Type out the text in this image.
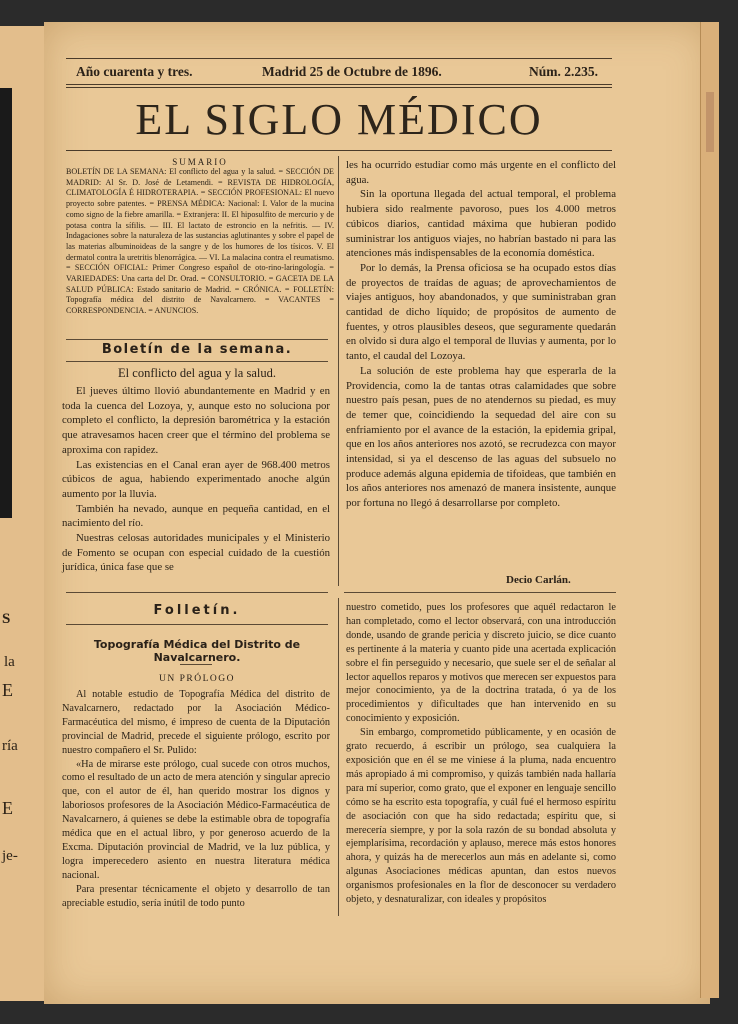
S
la
E
ría
E
je-
Año cuarenta y tres.	Madrid 25 de Octubre de 1896.	Núm. 2.235.
EL SIGLO MÉDICO
SUMARIO

BOLETÍN DE LA SEMANA: El conflicto del agua y la salud. = SECCIÓN DE MADRID: Al Sr. D. José de Letamendi. = REVISTA DE HIDROLOGÍA, CLIMATOLOGÍA É HIDROTERAPIA. = SECCIÓN PROFESIONAL: El nuevo proyecto sobre patentes. = PRENSA MÉDICA: Nacional: I. Valor de la mucina como signo de la fiebre amarilla. = Extranjera: II. El hiposulfito de mercurio y de potasa contra la sífilis. — III. El lactato de estroncio en la nefritis. — IV. Indagaciones sobre la naturaleza de las sustancias aglutinantes y sobre el papel de las materias albuminoideas de la sangre y de los humores de los tísicos. V. El dermatol contra la uretritis blenorrágica. — VI. La malacina contra el reumatismo. = SECCIÓN OFICIAL: Primer Congreso español de oto-rino-laringología. = VARIEDADES: Una carta del Dr. Orad. = CONSULTORIO. = GACETA DE LA SALUD PÚBLICA: Estado sanitario de Madrid. = CRÓNICA. = FOLLETÍN: Topografía médica del distrito de Navalcarnero. = VACANTES = CORRESPONDENCIA. = ANUNCIOS.

Boletín de la semana.
El conflicto del agua y la salud.

El jueves último llovió abundantemente en Madrid y en toda la cuenca del Lozoya, y, aunque esto no soluciona por completo el conflicto, la depresión barométrica y la estación que atravesamos hacen creer que el término del problema se aproxima con rapidez.

Las existencias en el Canal eran ayer de 968.400 metros cúbicos de agua, habiendo experimentado anoche algún aumento por la lluvia.

También ha nevado, aunque en pequeña cantidad, en el nacimiento del río.

Nuestras celosas autoridades municipales y el Ministerio de Fomento se ocupan con especial cuidado de la cuestión jurídica, única fase que se

les ha ocurrido estudiar como más urgente en el conflicto del agua.

Sin la oportuna llegada del actual temporal, el problema hubiera sido realmente pavoroso, pues los 4.000 metros cúbicos diarios, cantidad máxima que hubieran podido suministrar los antiguos viajes, no habrían bastado ni para las atenciones más indispensables de la economía doméstica.

Por lo demás, la Prensa oficiosa se ha ocupado estos días de proyectos de traídas de aguas; de aprovechamientos de viajes antiguos, hoy abandonados, y que suministraban gran cantidad de dicho líquido; de propósitos de aumento de fuentes, y otros plausibles deseos, que seguramente quedarán en olvido si dura algo el temporal de lluvias y aumenta, por lo tanto, el caudal del Lozoya.

La solución de este problema hay que esperarla de la Providencia, como la de tantas otras calamidades que sobre nuestro país pesan, pues de no atendernos su piedad, es muy de temer que, coincidiendo la sequedad del aire con su enfriamiento por el avance de la estación, la epidemia gripal, que en los años anteriores nos azotó, se recrudezca con mayor intensidad, si ya el descenso de las aguas del subsuelo no produce además alguna epidemia de tifoideas, que también en los años anteriores nos amenazó de manera insistente, aunque por fortuna no llegó á desarrollarse por completo.

Decio Carlán.
Folletín.
Topografía Médica del Distrito de Navalcarnero.
UN PRÓLOGO

Al notable estudio de Topografía Médica del distrito de Navalcarnero, redactado por la Asociación Médico-Farmacéutica del mismo, é impreso de cuenta de la Diputación provincial de Madrid, precede el siguiente prólogo, escrito por nuestro compañero el Sr. Pulido:

«Ha de mirarse este prólogo, cual sucede con otros muchos, como el resultado de un acto de mera atención y singular aprecio que, con el autor de él, han querido mostrar los dignos y laboriosos profesores de la Asociación Médico-Farmacéutica de Navalcarnero, á quienes se debe la estimable obra de topografía médica que en el actual libro, y por generoso acuerdo de la Excma. Diputación provincial de Madrid, ve la luz pública, y logra imperecedero asiento en nuestra literatura médica nacional.

Para presentar técnicamente el objeto y desarrollo de tan apreciable estudio, sería inútil de todo punto

nuestro cometido, pues los profesores que aquél redactaron le han completado, como el lector observará, con una introducción donde, usando de grande pericia y discreto juicio, se dice cuanto es pertinente á la materia y cuanto pide una acertada explicación sobre el fin perseguido y necesario, que suele ser el de señalar al lector aquellos reparos y motivos que merecen ser expuestos para mejor conocimiento, ya de la doctrina tratada, ó ya de los procedimientos y dificultades que han intervenido en su conocimiento y exposición.

Sin embargo, comprometido públicamente, y en ocasión de grato recuerdo, á escribir un prólogo, sea cualquiera la exposición que en él se me viniese á la pluma, nada encuentro más apropiado á mi compromiso, y quizás también nada hallaría para mí superior, como grato, que el exponer en lenguaje sencillo cómo se ha escrito esta topografía, y cuál fué el hermoso espíritu de asociación con que ha sido redactada; espíritu que, si merecería siempre, y por la sola razón de su bondad absoluta y ejemplarísima, recordación y aplauso, merece más estos honores ahora, y quizás ha de merecerlos aun más en adelante si, como algunas Asociaciones médicas apuntan, dan estos nuevos organismos profesionales en la flor de desconocer su verdadero objeto, y desnaturalizar, con ideales y propósitos
